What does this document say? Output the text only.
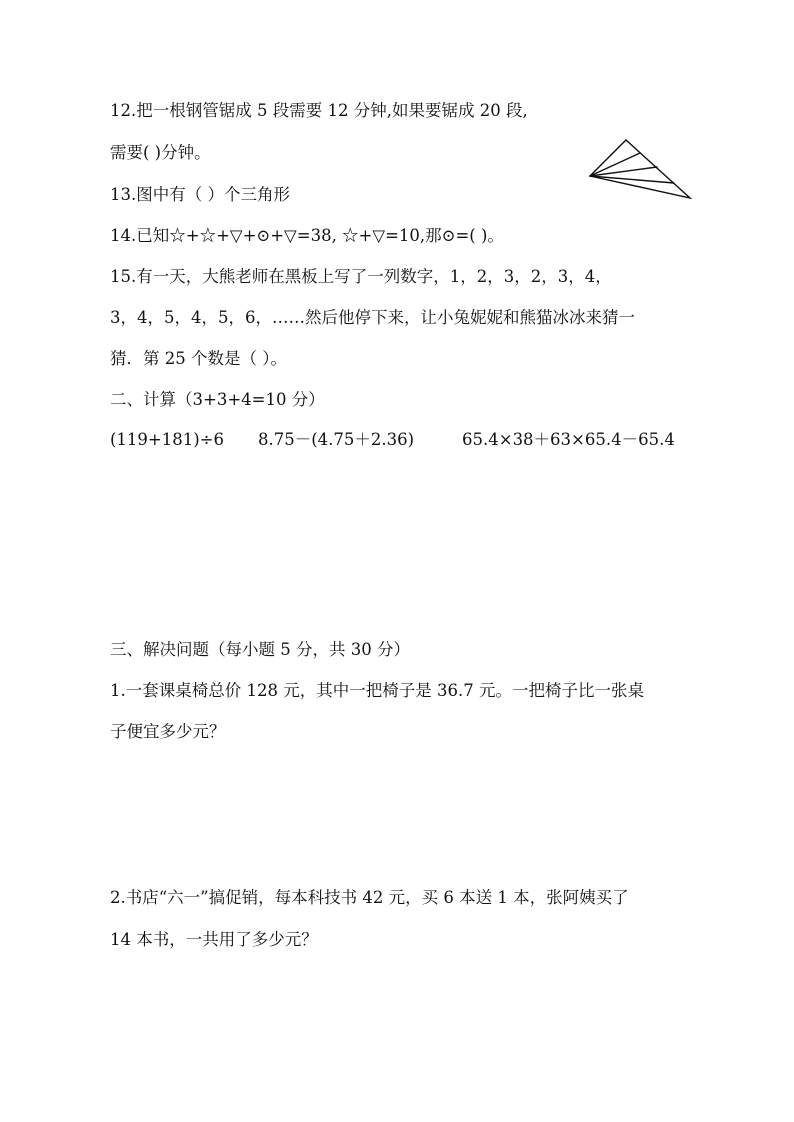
12.把一根钢管锯成 5 段需要 12 分钟,如果要锯成 20 段,
需要( )分钟。
13.图中有（ ）个三角形
14.已知☆+☆+▽+⊙+▽=38, ☆+▽=10,那⊙=( )。
15.有一天，大熊老师在黑板上写了一列数字，1，2，3，2，3，4，
3，4，5，4，5，6，……然后他停下来，让小兔妮妮和熊猫冰冰来猜一
猜．第 25 个数是（ ）。
二、计算（3+3+4=10 分）
(119+181)÷6 8.75－(4.75＋2.36)	65.4×38＋63×65.4－65.4
三、解决问题（每小题 5 分，共 30 分）
1.一套课桌椅总价 128 元，其中一把椅子是 36.7 元。一把椅子比一张桌
子便宜多少元？
2.书店“六一”搞促销，每本科技书 42 元，买 6 本送 1 本，张阿姨买了
14 本书，一共用了多少元？
